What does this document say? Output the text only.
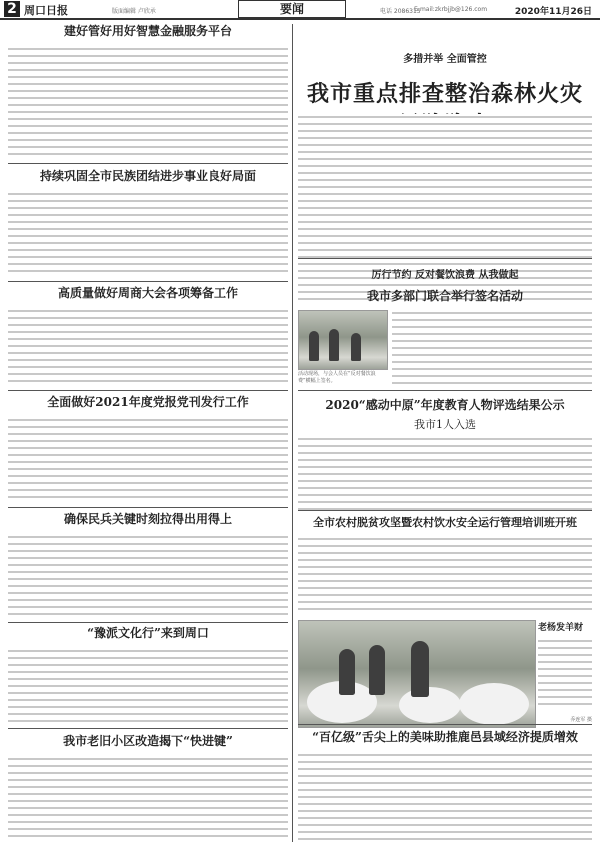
2 周口日报	版面编辑 卢欣承	电话 2086315
E-mail:zkrbjjb@126.com
要闻	2020年11月26日
建好管好用好智慧金融服务平台
持续巩固全市民族团结进步事业良好局面
高质量做好周商大会各项筹备工作
全面做好2021年度党报党刊发行工作
确保民兵关键时刻拉得出用得上
“豫派文化行”来到周口
我市老旧小区改造揭下“快进键”

多措并举 全面管控

我市重点排查整治森林火灾

厉行节约 反对餐饮浪费 从我做起

我市多部门联合举行签名活动
活动现场，与会人员在“反对餐饮浪费”横幅上签名。
2020“感动中原”年度教育人物评选结果公示

我市1人入选

全市农村脱贫攻坚暨农村饮水安全运行管理培训班开班

老杨发羊财

乔连军 摄
“百亿级”舌尖上的美味助推鹿邑县域经济提质增效
